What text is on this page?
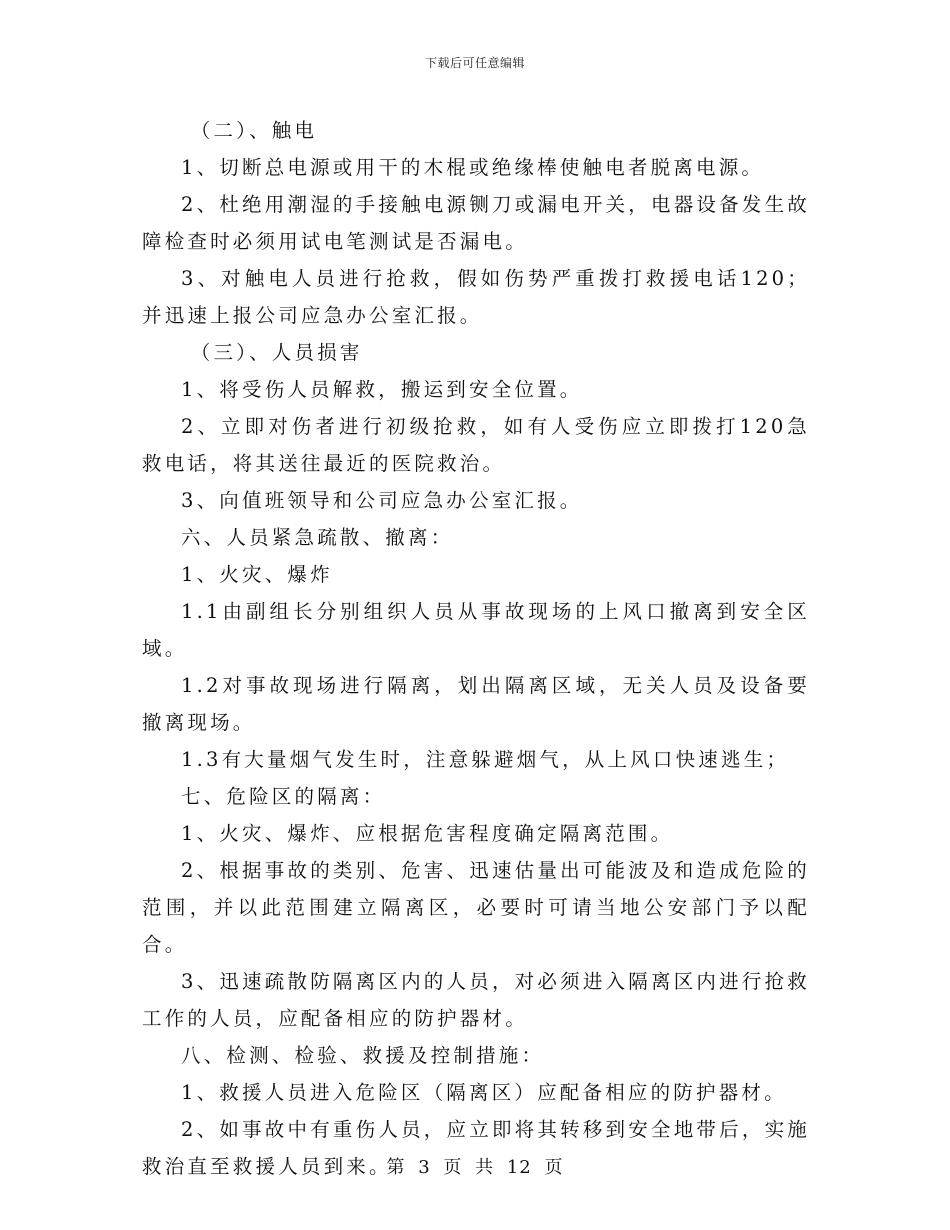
下载后可任意编辑

（二）、触电

1、切断总电源或用干的木棍或绝缘棒使触电者脱离电源。

2、杜绝用潮湿的手接触电源铡刀或漏电开关，电器设备发生故障检查时必须用试电笔测试是否漏电。

3、对触电人员进行抢救，假如伤势严重拨打救援电话120；并迅速上报公司应急办公室汇报。

（三）、人员损害

1、将受伤人员解救，搬运到安全位置。

2、立即对伤者进行初级抢救，如有人受伤应立即拨打120急救电话，将其送往最近的医院救治。

3、向值班领导和公司应急办公室汇报。

六、人员紧急疏散、撤离：

1、火灾、爆炸

1.1由副组长分别组织人员从事故现场的上风口撤离到安全区域。

1.2对事故现场进行隔离，划出隔离区域，无关人员及设备要撤离现场。

1.3有大量烟气发生时，注意躲避烟气，从上风口快速逃生；

七、危险区的隔离：

1、火灾、爆炸、应根据危害程度确定隔离范围。

2、根据事故的类别、危害、迅速估量出可能波及和造成危险的范围，并以此范围建立隔离区，必要时可请当地公安部门予以配合。

3、迅速疏散防隔离区内的人员，对必须进入隔离区内进行抢救工作的人员，应配备相应的防护器材。

八、检测、检验、救援及控制措施：

1、救援人员进入危险区（隔离区）应配备相应的防护器材。

2、如事故中有重伤人员，应立即将其转移到安全地带后，实施救治直至救援人员到来。

第 3 页 共 12 页
